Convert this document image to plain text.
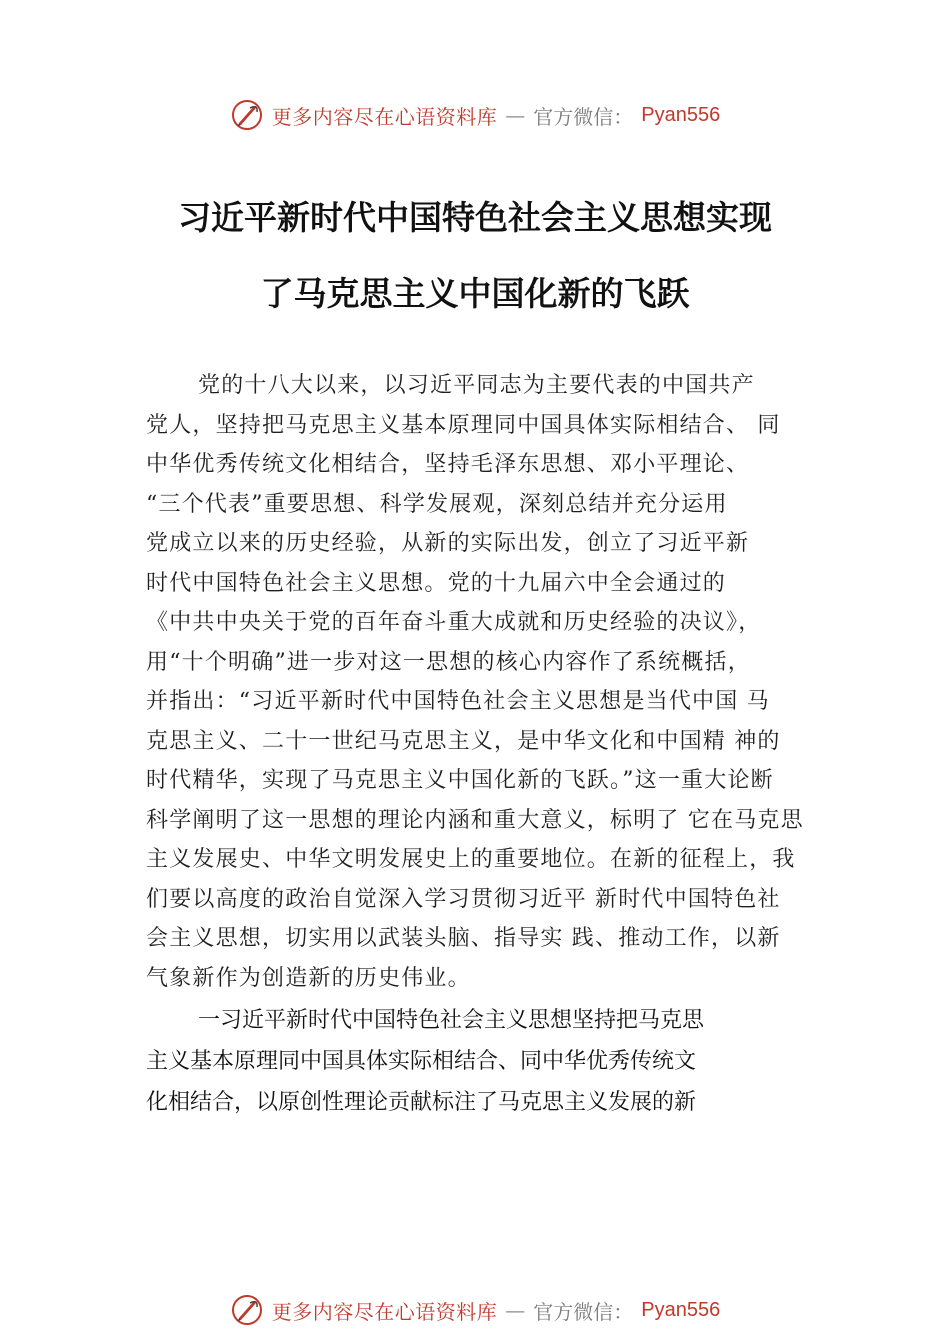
更多内容尽在心语资料库 — 官方微信： Pyan556
习近平新时代中国特色社会主义思想实现
了马克思主义中国化新的飞跃
党的十八大以来，以习近平同志为主要代表的中国共产
党人，坚持把马克思主义基本原理同中国具体实际相结合、 同
中华优秀传统文化相结合，坚持毛泽东思想、邓小平理论、
“三个代表”重要思想、科学发展观，深刻总结并充分运用
党成立以来的历史经验，从新的实际出发，创立了习近平新
时代中国特色社会主义思想。党的十九届六中全会通过的
《中共中央关于党的百年奋斗重大成就和历史经验的决议》，
用“十个明确”进一步对这一思想的核心内容作了系统概括，
并指出：“习近平新时代中国特色社会主义思想是当代中国 马
克思主义、二十一世纪马克思主义，是中华文化和中国精 神的
时代精华，实现了马克思主义中国化新的飞跃。”这一重大论断
科学阐明了这一思想的理论内涵和重大意义，标明了 它在马克思
主义发展史、中华文明发展史上的重要地位。在新的征程上，我
们要以高度的政治自觉深入学习贯彻习近平 新时代中国特色社
会主义思想，切实用以武装头脑、指导实 践、推动工作，以新
气象新作为创造新的历史伟业。
一习近平新时代中国特色社会主义思想坚持把马克思
主义基本原理同中国具体实际相结合、同中华优秀传统文
化相结合，以原创性理论贡献标注了马克思主义发展的新
更多内容尽在心语资料库 — 官方微信： Pyan556
